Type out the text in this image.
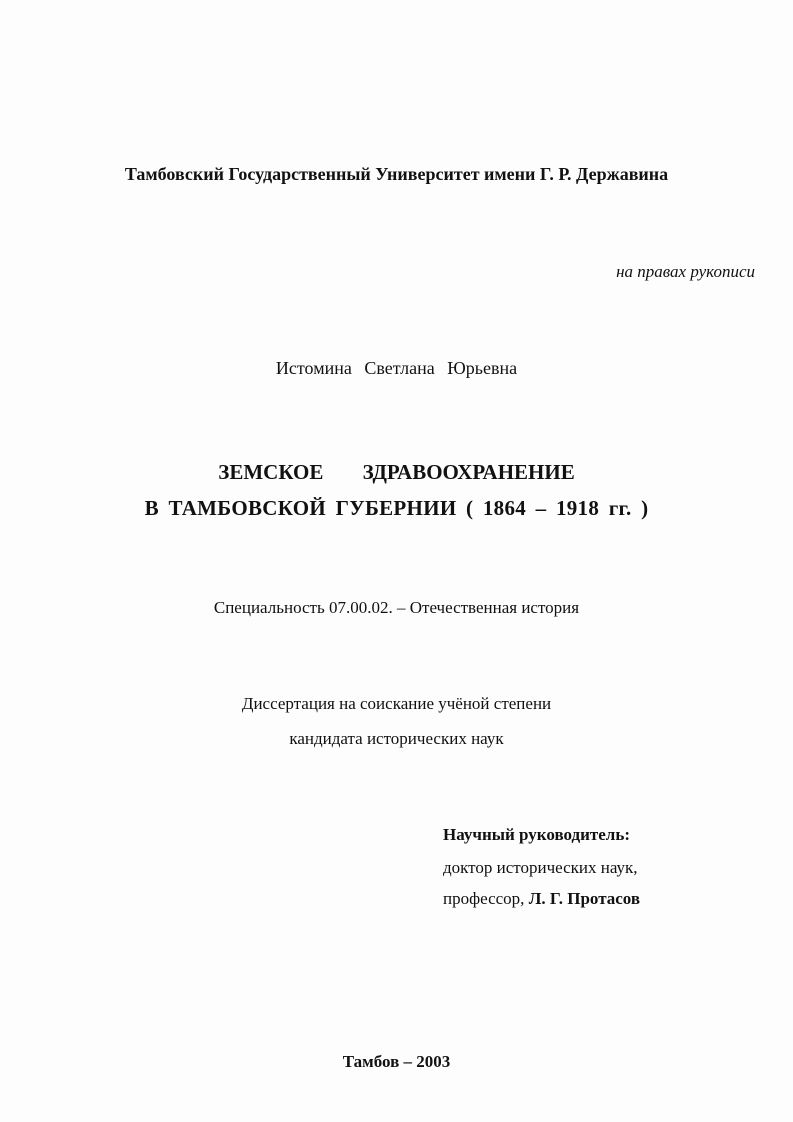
Тамбовский Государственный Университет имени Г. Р. Державина
на правах рукописи
Истомина Светлана Юрьевна
ЗЕМСКОЕ ЗДРАВООХРАНЕНИЕ
В ТАМБОВСКОЙ ГУБЕРНИИ ( 1864 – 1918 гг. )
Специальность 07.00.02. – Отечественная история
Диссертация на соискание учёной степени
кандидата исторических наук
Научный руководитель:
доктор исторических наук,
профессор, Л. Г. Протасов
Тамбов – 2003
